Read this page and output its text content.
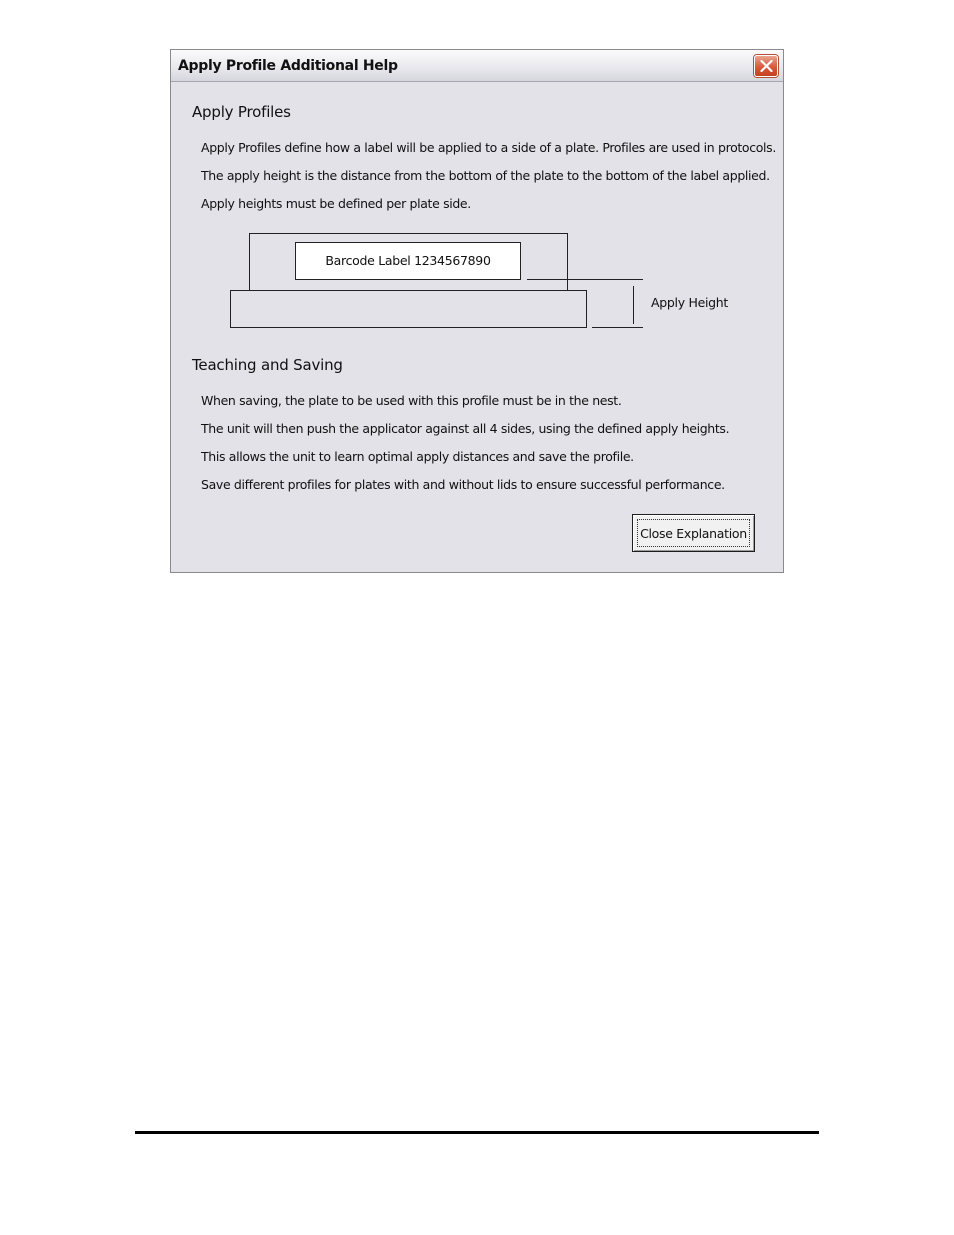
Apply Profile Additional Help
Apply Profiles
Apply Profiles define how a label will be applied to a side of a plate. Profiles are used in protocols.
The apply height is the distance from the bottom of the plate to the bottom of the label applied.
Apply heights must be defined per plate side.
Barcode Label 1234567890
Apply Height
Teaching and Saving
When saving, the plate to be used with this profile must be in the nest.
The unit will then push the applicator against all 4 sides, using the defined apply heights.
This allows the unit to learn optimal apply distances and save the profile.
Save different profiles for plates with and without lids to ensure successful performance.
Close Explanation
